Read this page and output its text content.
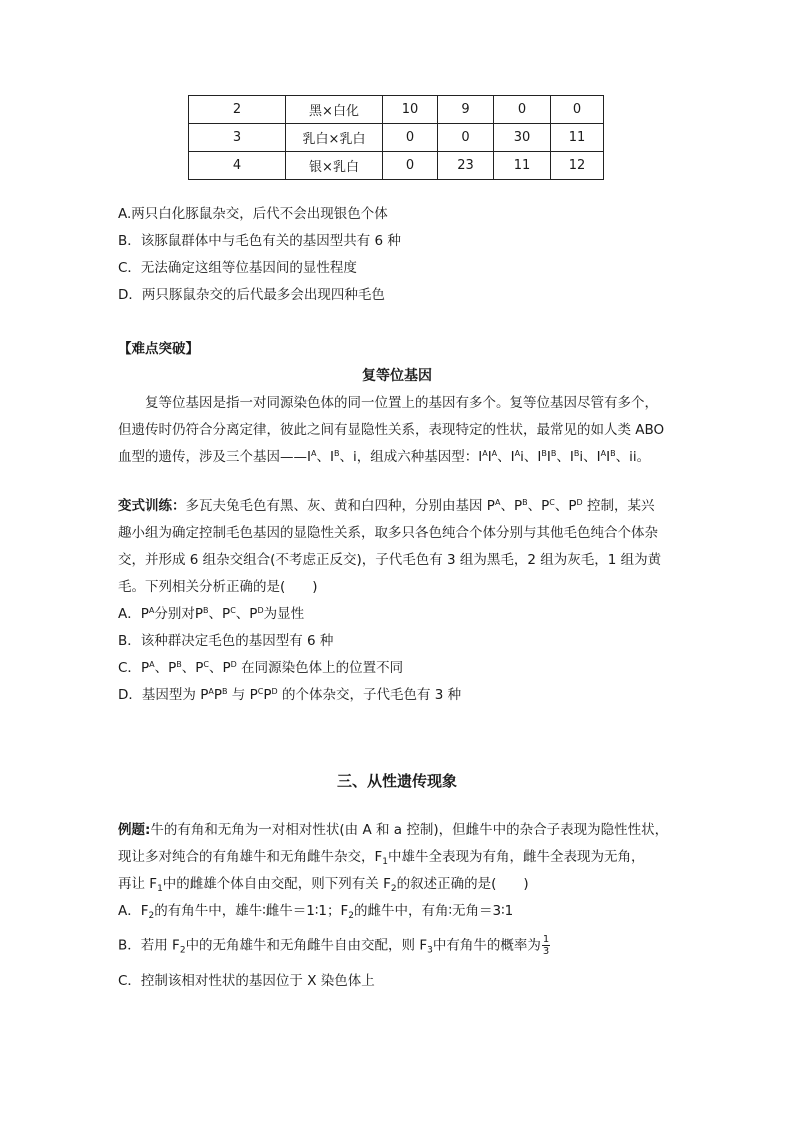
2	黑×白化	10	9	0	0
3	乳白×乳白	0	0	30	11
4	银×乳白	0	23	11	12
A.两只白化豚鼠杂交，后代不会出现银色个体
B．该豚鼠群体中与毛色有关的基因型共有 6 种
C．无法确定这组等位基因间的显性程度
D．两只豚鼠杂交的后代最多会出现四种毛色
【难点突破】
复等位基因
复等位基因是指一对同源染色体的同一位置上的基因有多个。复等位基因尽管有多个，
但遗传时仍符合分离定律，彼此之间有显隐性关系，表现特定的性状，最常见的如人类 ABO
血型的遗传，涉及三个基因$——I^A$、$I^B$、i，组成六种基因型：$I^AI^A$、$I^Ai$、$I^BI^B$、$I^Bi$、$I^AI^B$、ii。
变式训练：多瓦夫兔毛色有黑、灰、黄和白四种，分别由基因 $P^A$、$P^B$、$P^C$、$P^D$ 控制，某兴
趣小组为确定控制毛色基因的显隐性关系，取多只各色纯合个体分别与其他毛色纯合个体杂
交，并形成 6 组杂交组合(不考虑正反交)，子代毛色有 3 组为黑毛，2 组为灰毛，1 组为黄
毛。下列相关分析正确的是(　　)
A．$P^A$分别对$P^B$、$P^C$、$P^D$为显性
B．该种群决定毛色的基因型有 6 种
C．$P^A$、$P^B$、$P^C$、$P^D$ 在同源染色体上的位置不同
D．基因型为 $P^AP^B$ 与 $P^CP^D$ 的个体杂交，子代毛色有 3 种
三、从性遗传现象
例题:牛的有角和无角为一对相对性状(由 A 和 a 控制)，但雌牛中的杂合子表现为隐性性状，
现让多对纯合的有角雄牛和无角雌牛杂交，$F_1$中雄牛全表现为有角，雌牛全表现为无角，
再让 $F_1$中的雌雄个体自由交配，则下列有关 $F_2$的叙述正确的是(　　)
A．$F_2$的有角牛中，雄牛∶雌牛＝1∶1；$F_2$的雌牛中，有角∶无角＝3∶1
B．若用 $F_2$中的无角雄牛和无角雌牛自由交配，则 $F_3$中有角牛的概率为 $\frac{1}{3}$
C．控制该相对性状的基因位于 X 染色体上
